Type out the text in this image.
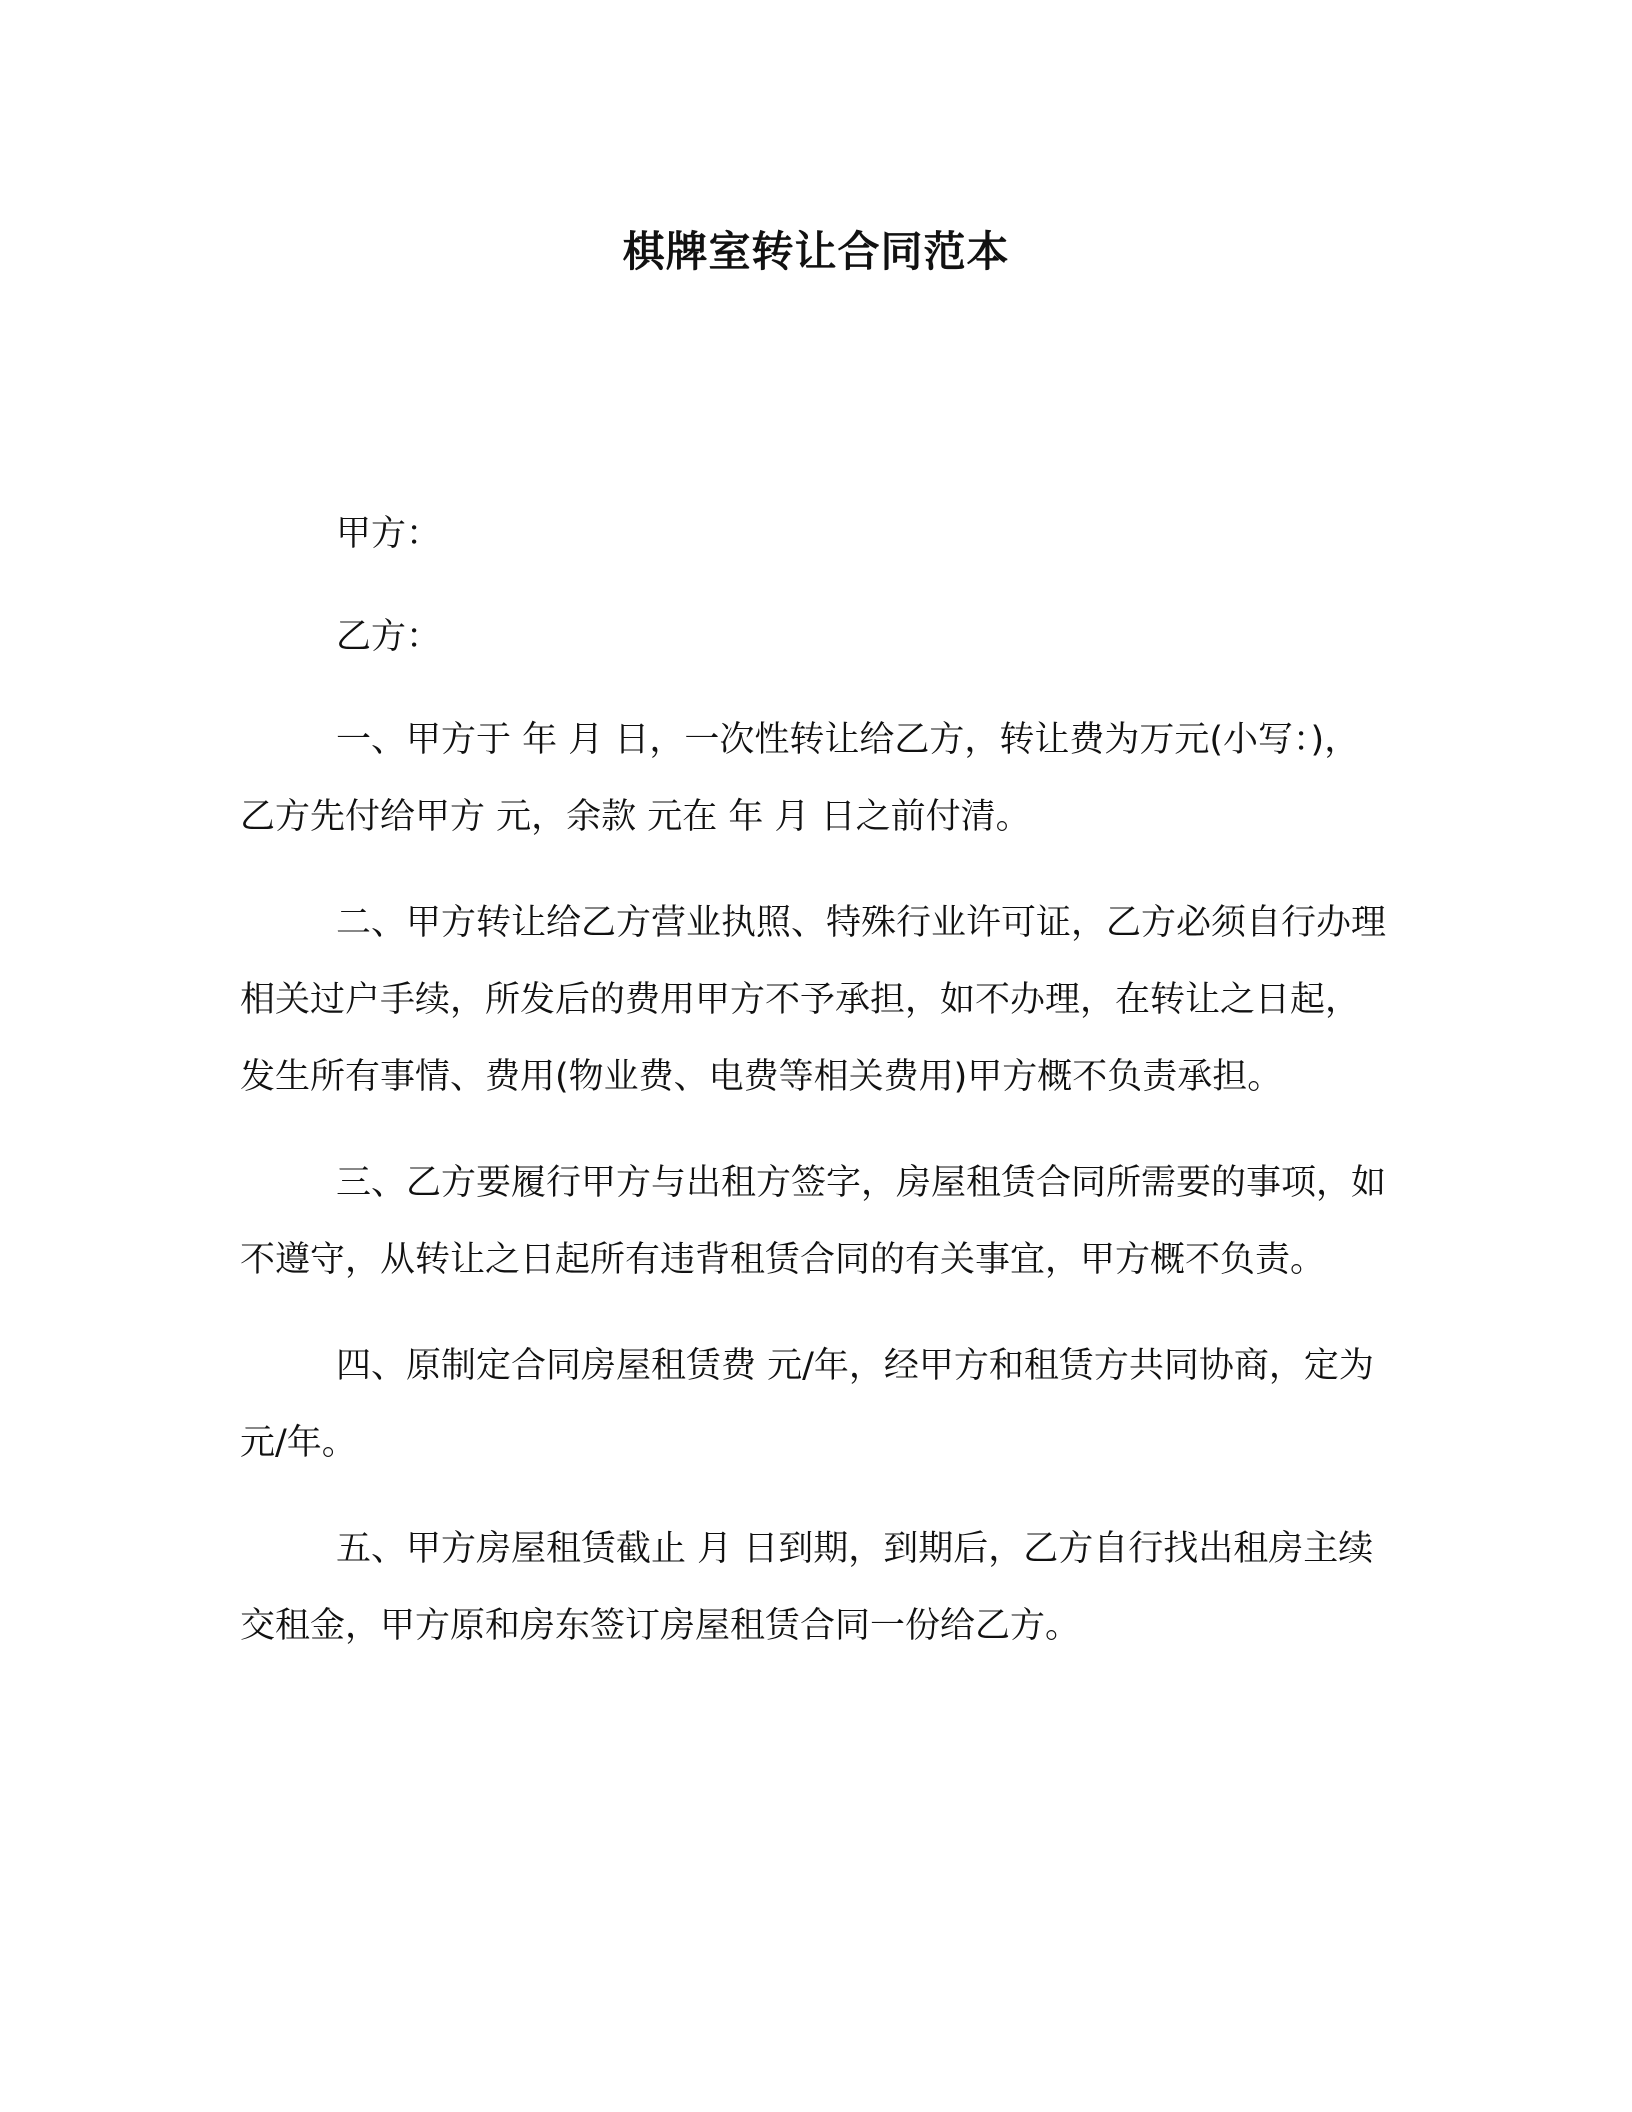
棋牌室转让合同范本

甲方：

乙方：

一、甲方于 年 月 日，一次性转让给乙方，转让费为万元(小写：)，乙方先付给甲方 元，余款 元在 年 月 日之前付清。

二、甲方转让给乙方营业执照、特殊行业许可证，乙方必须自行办理相关过户手续，所发后的费用甲方不予承担，如不办理，在转让之日起，发生所有事情、费用(物业费、电费等相关费用)甲方概不负责承担。

三、乙方要履行甲方与出租方签字，房屋租赁合同所需要的事项，如不遵守，从转让之日起所有违背租赁合同的有关事宜，甲方概不负责。

四、原制定合同房屋租赁费 元/年，经甲方和租赁方共同协商，定为 元/年。

五、甲方房屋租赁截止 月 日到期，到期后，乙方自行找出租房主续交租金，甲方原和房东签订房屋租赁合同一份给乙方。
